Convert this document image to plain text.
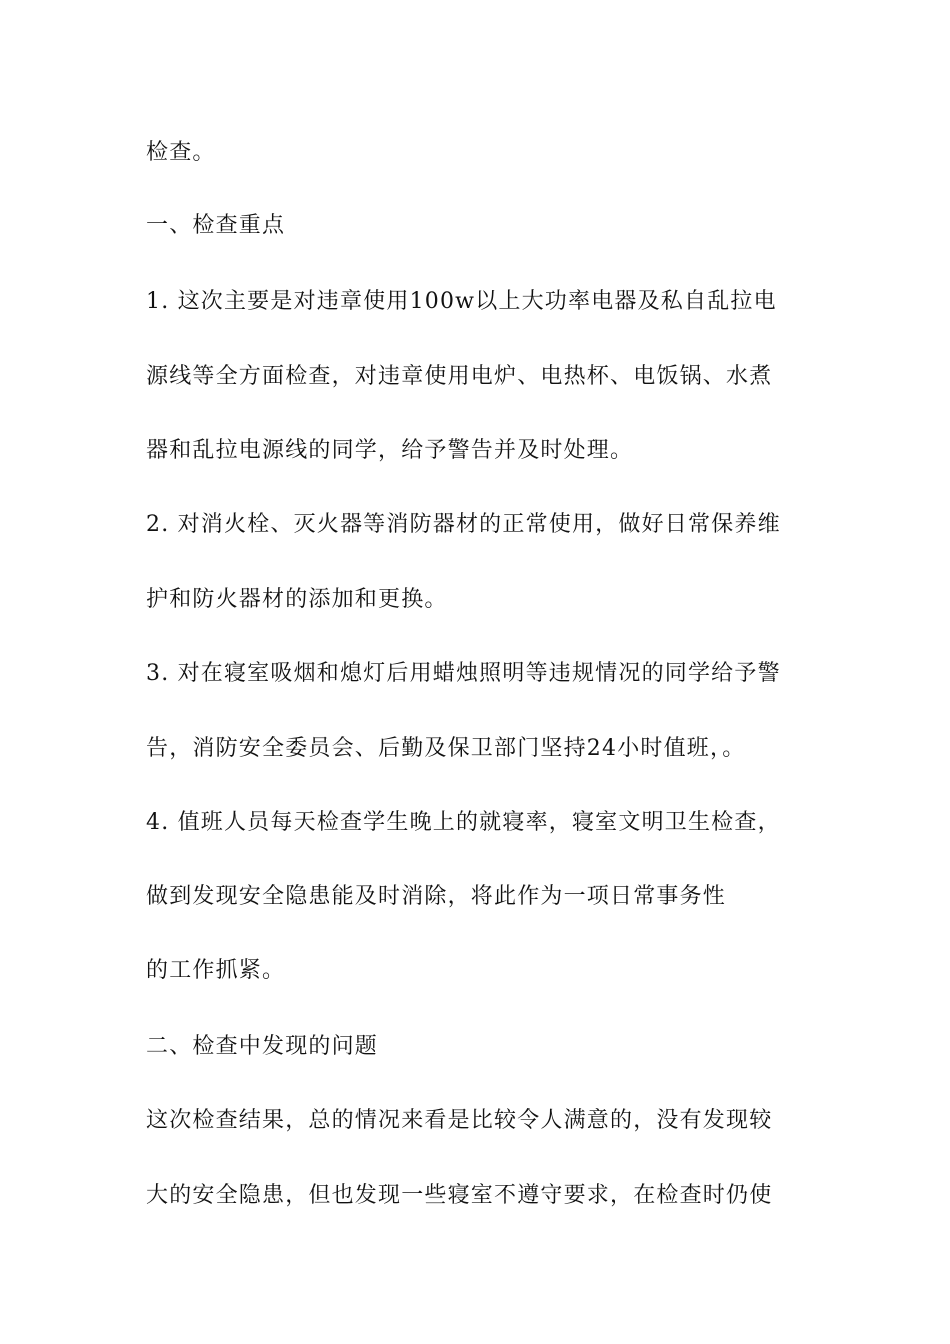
检查。
一、检查重点
1. 这次主要是对违章使用100w以上大功率电器及私自乱拉电
源线等全方面检查，对违章使用电炉、电热杯、电饭锅、水煮
器和乱拉电源线的同学，给予警告并及时处理。
2. 对消火栓、灭火器等消防器材的正常使用，做好日常保养维
护和防火器材的添加和更换。
3. 对在寝室吸烟和熄灯后用蜡烛照明等违规情况的同学给予警
告，消防安全委员会、后勤及保卫部门坚持24小时值班，。
4. 值班人员每天检查学生晚上的就寝率，寝室文明卫生检查，
做到发现安全隐患能及时消除，将此作为一项日常事务性
的工作抓紧。
二、检查中发现的问题
这次检查结果，总的情况来看是比较令人满意的，没有发现较
大的安全隐患，但也发现一些寝室不遵守要求，在检查时仍使
